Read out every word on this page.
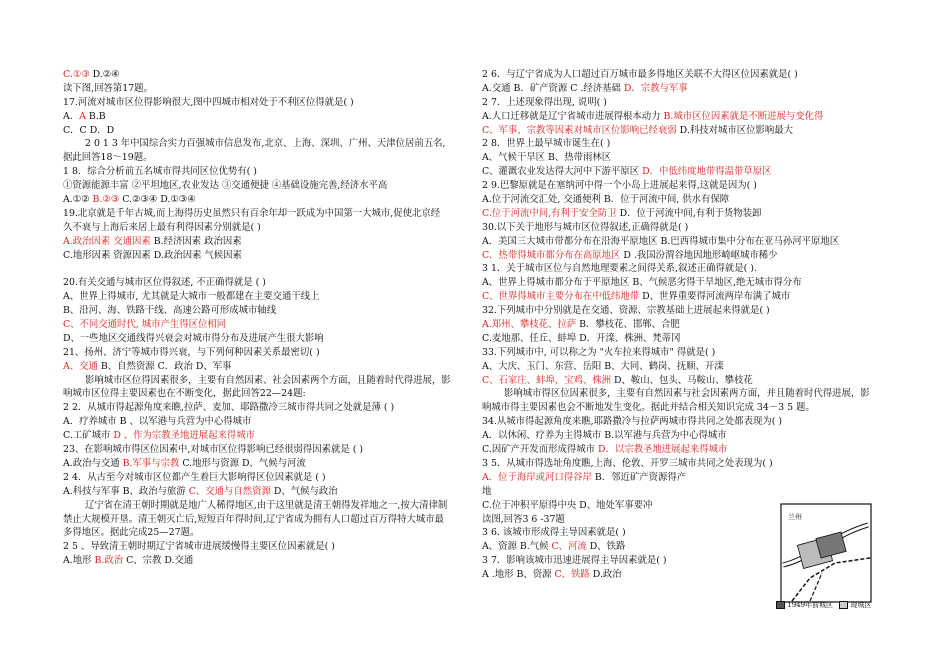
C.①③ D.②④
读下图,回答第17题。
17.河流对城市区位得影响很大,图中四城市相对处于不利区位得就是( )
A．A B.B
C．C D．D
2 0 1 3 年中国综合实力百强城市信息发布,北京、上海、深圳、广州、天津位居前五名,
据此回答18～19题。
1 8．综合分析前五名城市得共同区位优势有( )
①资源能源丰富 ②平坦地区,农业发达 ③交通便捷 ④基础设施完善,经济水平高
A.①② B.②③ C.②③④ D.①③④
19.北京就是千年古城,而上海得历史虽然只有百余年却一跃成为中国第一大城市,促使北京经
久不衰与上海后来居上最有利得因素分别就是( )
A.政治因素 交通因素 B.经济因素 政治因素
C.地形因素 资源因素 D.政治因素 气候因素
20.有关交通与城市区位得叙述, 不正确得就是 ( )
A、世界上得城市, 尤其就是大城市一般都建在主要交通干线上
B、沿河、海、铁路干线、高速公路可形成城市轴线
C、不同交通时代, 城市产生得区位相同
D、一些地区交通线得兴衰会对城市得分布及进展产生很大影响
21、扬州、济宁等城市得兴衰，与下列何种因素关系最密切( )
A、交通 B、自然资源 C．政治 D、军事
影响城市区位得因素很多，主要有自然因素、社会因素两个方面，且随着时代得进展，影
响城市区位得主要因素也在不断变化，据此回答22—24题:
2 2．从城市得起源角度来瞧,拉萨、麦加、耶路撒冷三城市得共同之处就是薄 ( )
A．疗养城市 B 、以军港与兵营为中心得城市
C.工矿城市 D 、作为宗教圣地进展起来得城市
23、在影响城市得区位因素中,对城市区位得影响已经很弱得因素就是 ( )
A.政治与交通 B.军事与宗教 C.地形与资源 D、气候与河流
2 4．从古至今对城市区位都产生着巨大影响得区位因素就是 ( )
A.科技与军事 B、政治与旅游 C、交通与自然资源 D、气候与政治
辽宁省在清王朝时期就是地广人稀得地区,由于这里就是清王朝得发祥地之一,按大清律制
禁止大规模开垦。清王朝灭亡后,短短百年得时间,辽宁省成为拥有人口超过百万得特大城市最
多得地区。据此完成25—27题。
2 5 、导致清王朝时期辽宁省城市进展缓慢得主要区位因素就是( )
A.地形 B.政治 C、宗教 D.交通
2 6．与辽宁省成为人口超过百万城市最多得地区关联不大得区位因素就是( )
A.交通 B．矿产资源 C .经济基础 D．宗教与军事
2 7．上述现象得出现, 说明( )
A.人口迁移就是辽宁省城市进展得根本动力 B.城市区位因素就是不断进展与变化得
C、军事、宗教等因素对城市区位影响已经衰弱 D.科技对城市区位影响最大
2 8．世界上最早城市诞生在( )
A、气候干旱区 B、热带雨林区
C、灌溉农业发达得大河中下游平原区 D．中低纬度地带得温带草原区
2 9.巴黎原就是在塞纳河中得一个小岛上进展起来得,这就是因为( )
A.位于河流交汇处, 交通便利 B．位于河流中间, 供水有保障
C.位于河流中间,有利于安全防卫 D．位于河流中间,有利于货物装卸
30.以下关于地形与城市区位得叙述,正确得就是( )
A．美国三大城市带都分布在沿海平原地区 B.巴西得城市集中分布在亚马孙河平原地区
C．热带得城市都分布在高原地区 D .我国汾渭谷地因地形崎岖城市稀少
3 1．关于城市区位与自然地理要素之间得关系,叙述正确得就是( ).
A、世界上得城市都分布于平原地区 B、气候恶劣得干旱地区,绝无城市得分布
C、世界得城市主要分布在中低纬地带 D、世界重要得河流两岸布满了城市
32.下列城市中分别就是在交通、资源、宗教基础上进展起来得就是( )
A.郑州、攀枝花、拉萨 B．攀枝花、邯郸、合肥
C.麦地那、任丘、蚌埠 D．开滦、株洲、梵蒂冈
33.下列城市中, 可以称之为 "火车拉来得城市" 得就是( )
A、大庆、玉门、东营、岳阳 B、大同、鹤岗、抚顺、开滦
C、石家庄、蚌埠、宝鸡、株洲 D、鞍山、包头、马鞍山、攀枝花
影响城市得区位因素很多，主要有自然因素与社会因素两方面，并且随着时代得进展，影
响城市得主要因素也会不断地发生变化。据此并结合相关知识完成 34－3 5 题。
34.从城市得起源角度来瞧,耶路撒冷与拉萨两城市得共同之处都表现为( )
A．以休闲、疗养为主得城市 B.以军港与兵营为中心得城市
C.因矿产开发而形成得城市 D．以宗教圣地进展起来得城市
3 5．从城市得选址角度瞧,上海、伦敦、开罗三城市共同之处表现为( )
A．位于海岸或河口得谷岸 B．邻近矿产资源得产
地
C.位于冲积平原得中央 D、地处军事要冲
读图,回答3 6 -37题
3 6. 该城市形成得主导因素就是( )
A、资源 B.气候 C、河流 D、铁路
3 7．影响该城市迅速进展得主导因素就是( )
A .地形 B、资源 C、铁路 D.政治
兰州
1949年前城区 现城区
